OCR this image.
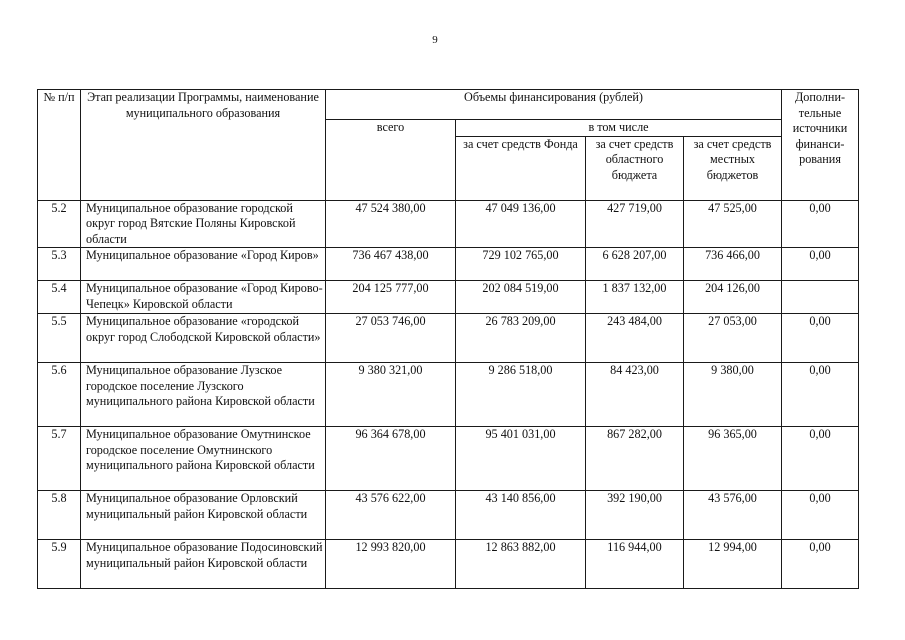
9
№ п/п	Этап реализации Программы, наименование муниципального образования	Объемы финансирования (рублей)				Дополни-тельные источники финанси-рования
		всего	в том числе			
			за счет средств Фонда	за счет средств областного бюджета	за счет средств местных бюджетов	
5.2	Муниципальное образование городской округ город Вятские Поляны Кировской области	47 524 380,00	47 049 136,00	427 719,00	47 525,00	0,00
5.3	Муниципальное образование «Город Киров»	736 467 438,00	729 102 765,00	6 628 207,00	736 466,00	0,00
5.4	Муниципальное образование «Город Кирово-Чепецк» Кировской области	204 125 777,00	202 084 519,00	1 837 132,00	204 126,00	
5.5	Муниципальное образование «городской округ город Слободской Кировской области»	27 053 746,00	26 783 209,00	243 484,00	27 053,00	0,00
5.6	Муниципальное образование Лузское городское поселение Лузского муниципального района Кировской области	9 380 321,00	9 286 518,00	84 423,00	9 380,00	0,00
5.7	Муниципальное образование Омутнинское городское поселение Омутнинского муниципального района Кировской области	96 364 678,00	95 401 031,00	867 282,00	96 365,00	0,00
5.8	Муниципальное образование Орловский муниципальный район Кировской области	43 576 622,00	43 140 856,00	392 190,00	43 576,00	0,00
5.9	Муниципальное образование Подосиновский муниципальный район Кировской области	12 993 820,00	12 863 882,00	116 944,00	12 994,00	0,00
